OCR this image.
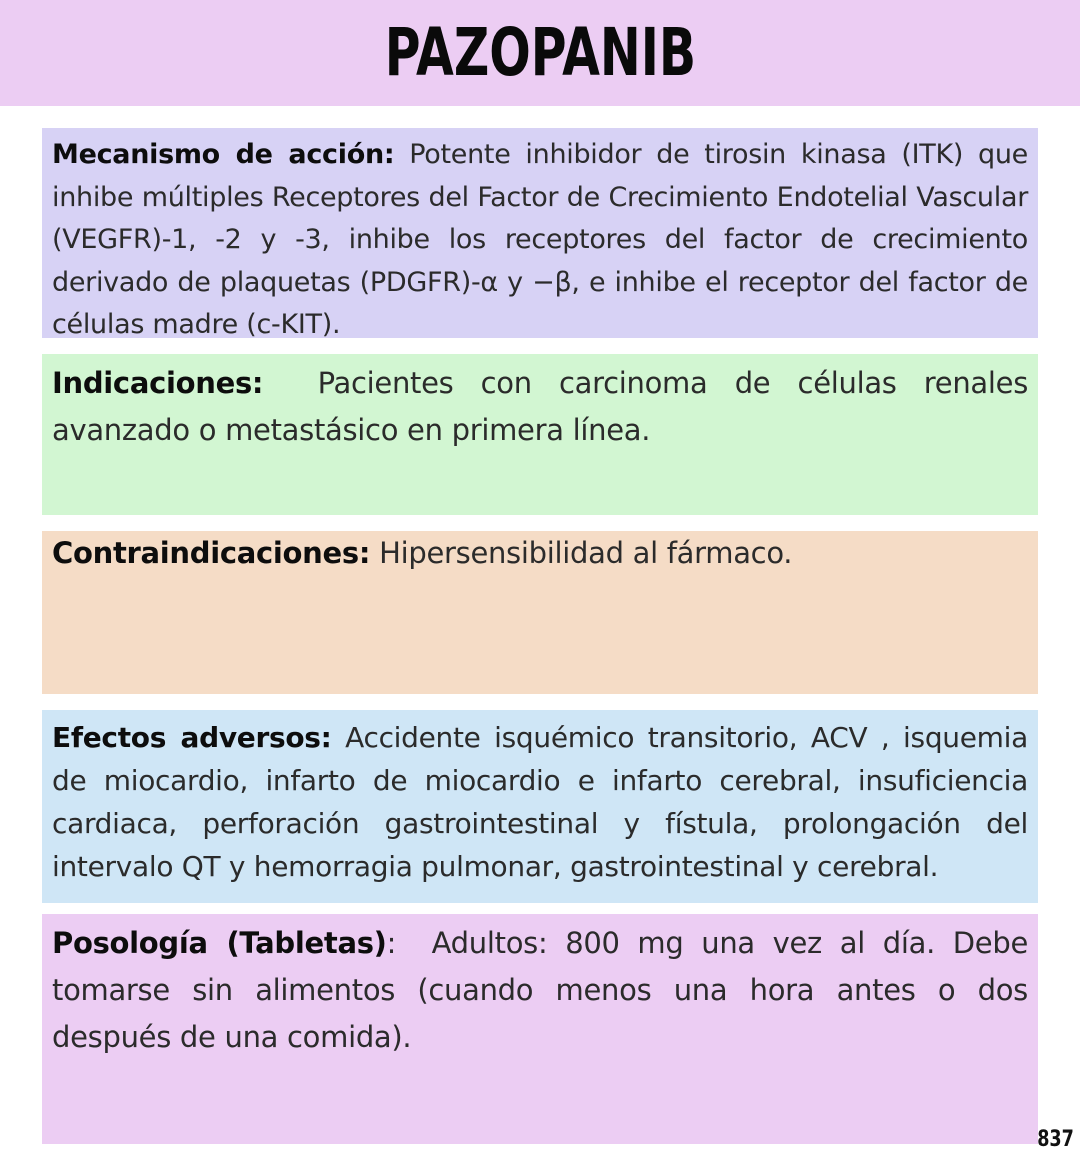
PAZOPANIB
Mecanismo de acción: Potente inhibidor de tirosin kinasa (ITK) que inhibe múltiples Receptores del Factor de Crecimiento Endotelial Vascular (VEGFR)-1, -2 y -3, inhibe los receptores del factor de crecimiento derivado de plaquetas (PDGFR)-α y −β, e inhibe el receptor del factor de células madre (c-KIT).
Indicaciones: Pacientes con carcinoma de células renales avanzado o metastásico en primera línea.
Contraindicaciones: Hipersensibilidad al fármaco.
Efectos adversos: Accidente isquémico transitorio, ACV , isquemia de miocardio, infarto de miocardio e infarto cerebral, insuficiencia cardiaca, perforación gastrointestinal y fístula, prolongación del intervalo QT y hemorragia pulmonar, gastrointestinal y cerebral.
Posología (Tabletas): Adultos: 800 mg una vez al día. Debe tomarse sin alimentos (cuando menos una hora antes o dos después de una comida).
837
